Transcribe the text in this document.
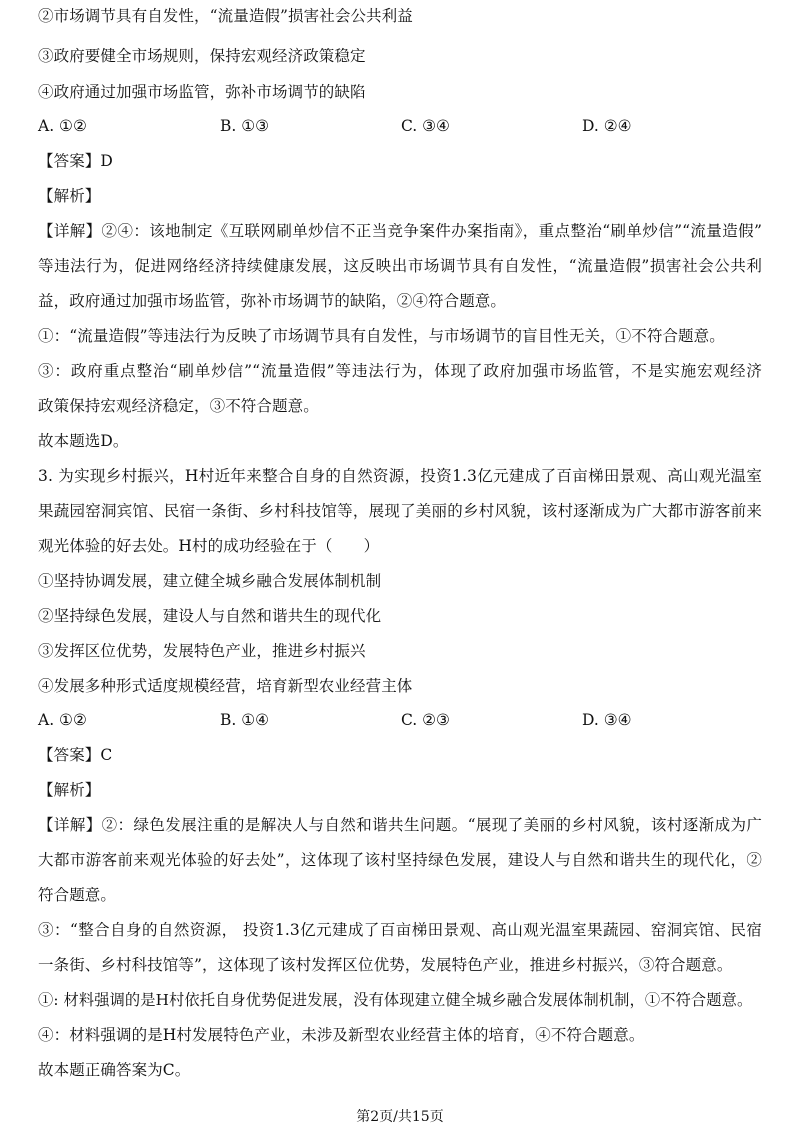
②市场调节具有自发性，“流量造假”损害社会公共利益
③政府要健全市场规则，保持宏观经济政策稳定
④政府通过加强市场监管，弥补市场调节的缺陷
A. ①②	B. ①③	C. ③④	D. ②④
【答案】D
【解析】
【详解】②④：该地制定《互联网刷单炒信不正当竞争案件办案指南》，重点整治“刷单炒信”“流量造假”
等违法行为，促进网络经济持续健康发展，这反映出市场调节具有自发性，“流量造假”损害社会公共利
益，政府通过加强市场监管，弥补市场调节的缺陷，②④符合题意。
①：“流量造假”等违法行为反映了市场调节具有自发性，与市场调节的盲目性无关，①不符合题意。
③：政府重点整治“刷单炒信”“流量造假”等违法行为，体现了政府加强市场监管，不是实施宏观经济
政策保持宏观经济稳定，③不符合题意。
故本题选D。
3. 为实现乡村振兴，H村近年来整合自身的自然资源，投资1.3亿元建成了百亩梯田景观、高山观光温室
果蔬园窑洞宾馆、民宿一条街、乡村科技馆等，展现了美丽的乡村风貌，该村逐渐成为广大都市游客前来
观光体验的好去处。H村的成功经验在于（　　）
①坚持协调发展，建立健全城乡融合发展体制机制
②坚持绿色发展，建设人与自然和谐共生的现代化
③发挥区位优势，发展特色产业，推进乡村振兴
④发展多种形式适度规模经营，培育新型农业经营主体
A. ①②	B. ①④	C. ②③	D. ③④
【答案】C
【解析】
【详解】②：绿色发展注重的是解决人与自然和谐共生问题。“展现了美丽的乡村风貌，该村逐渐成为广
大都市游客前来观光体验的好去处”，这体现了该村坚持绿色发展，建设人与自然和谐共生的现代化，②
符合题意。
③：“整合自身的自然资源， 投资1.3亿元建成了百亩梯田景观、高山观光温室果蔬园、窑洞宾馆、民宿
一条街、乡村科技馆等”，这体现了该村发挥区位优势，发展特色产业，推进乡村振兴，③符合题意。
①: 材料强调的是H村依托自身优势促进发展，没有体现建立健全城乡融合发展体制机制，①不符合题意。
④：材料强调的是H村发展特色产业，未涉及新型农业经营主体的培育，④不符合题意。
故本题正确答案为C。
第2页/共15页
